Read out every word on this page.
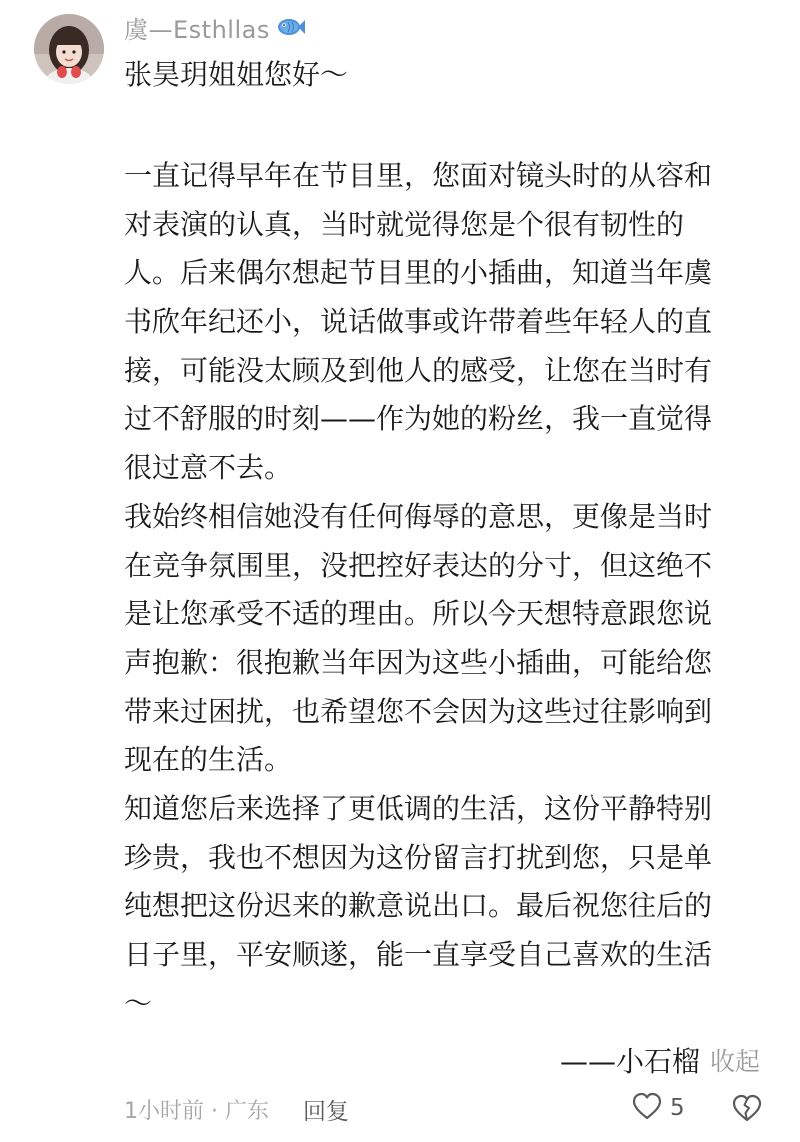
虞—Esthllas
张昊玥姐姐您好～
一直记得早年在节目里，您面对镜头时的从容和
对表演的认真，当时就觉得您是个很有韧性的
人。后来偶尔想起节目里的小插曲，知道当年虞
书欣年纪还小，说话做事或许带着些年轻人的直
接，可能没太顾及到他人的感受，让您在当时有
过不舒服的时刻——作为她的粉丝，我一直觉得
很过意不去。
我始终相信她没有任何侮辱的意思，更像是当时
在竞争氛围里，没把控好表达的分寸，但这绝不
是让您承受不适的理由。所以今天想特意跟您说
声抱歉：很抱歉当年因为这些小插曲，可能给您
带来过困扰，也希望您不会因为这些过往影响到
现在的生活。
知道您后来选择了更低调的生活，这份平静特别
珍贵，我也不想因为这份留言打扰到您，只是单
纯想把这份迟来的歉意说出口。最后祝您往后的
日子里，平安顺遂，能一直享受自己喜欢的生活
～
——小石榴 收起
1小时前 · 广东 回复	5
